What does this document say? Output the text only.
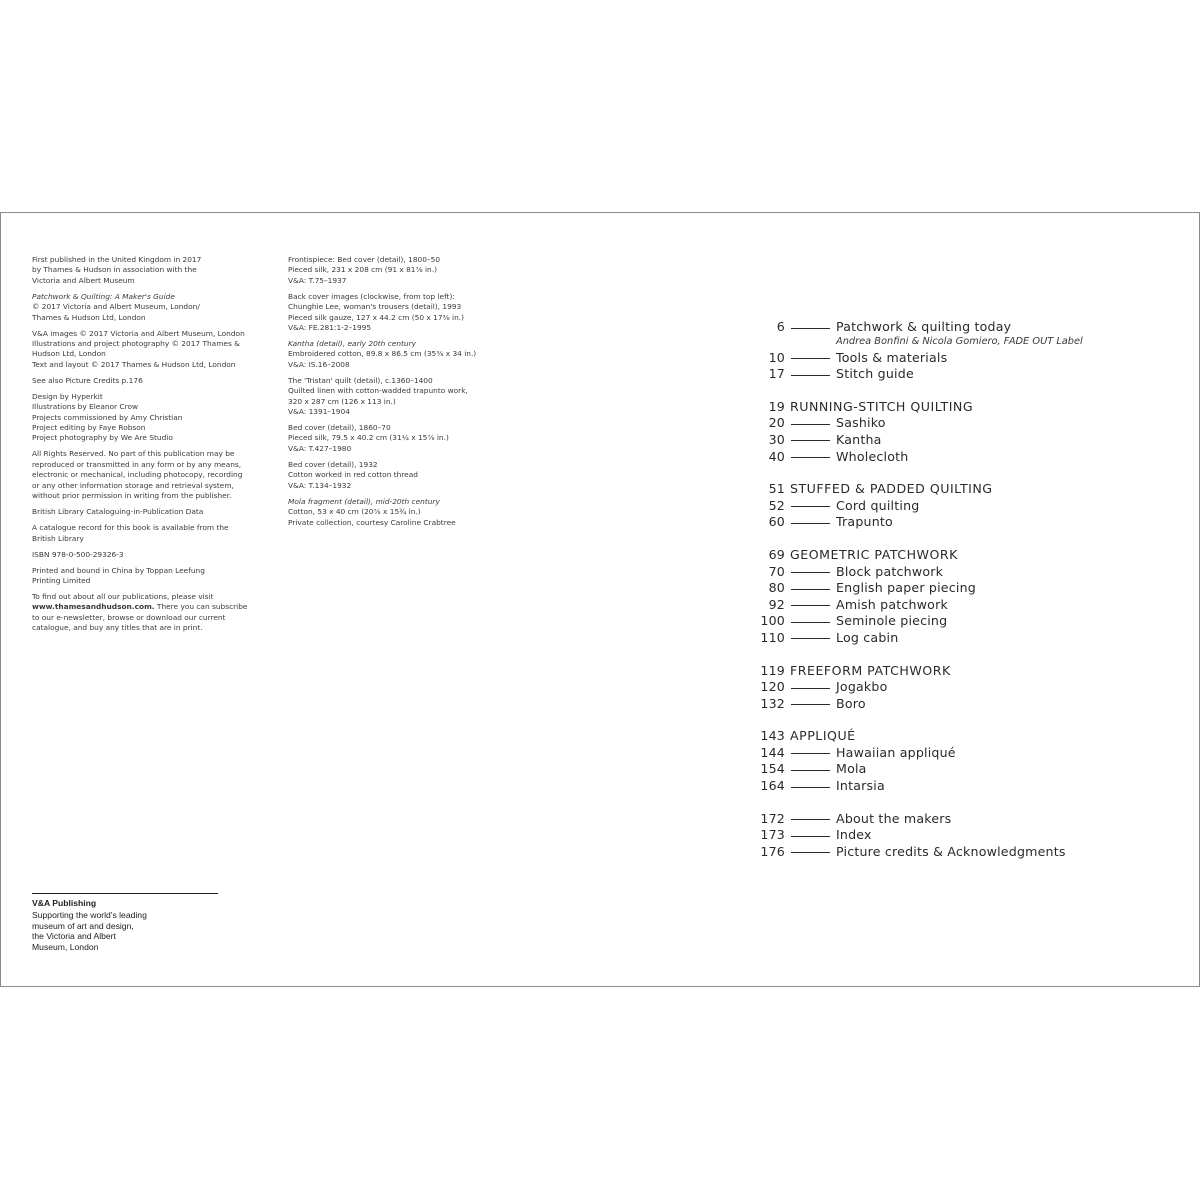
First published in the United Kingdom in 2017
by Thames & Hudson in association with the
Victoria and Albert Museum
Patchwork & Quilting: A Maker's Guide
© 2017 Victoria and Albert Museum, London/
Thames & Hudson Ltd, London
V&A images © 2017 Victoria and Albert Museum, London
Illustrations and project photography © 2017 Thames &
Hudson Ltd, London
Text and layout © 2017 Thames & Hudson Ltd, London
See also Picture Credits p.176
Design by Hyperkit
Illustrations by Eleanor Crow
Projects commissioned by Amy Christian
Project editing by Faye Robson
Project photography by We Are Studio
All Rights Reserved. No part of this publication may be
reproduced or transmitted in any form or by any means,
electronic or mechanical, including photocopy, recording
or any other information storage and retrieval system,
without prior permission in writing from the publisher.
British Library Cataloguing-in-Publication Data
A catalogue record for this book is available from the
British Library
ISBN 978-0-500-29326-3
Printed and bound in China by Toppan Leefung
Printing Limited
To find out about all our publications, please visit
www.thamesandhudson.com. There you can subscribe
to our e-newsletter, browse or download our current
catalogue, and buy any titles that are in print.
Frontispiece: Bed cover (detail), 1800–50
Pieced silk, 231 x 208 cm (91 x 81⅞ in.)
V&A: T.75–1937
Back cover images (clockwise, from top left):
Chunghie Lee, woman's trousers (detail), 1993
Pieced silk gauze, 127 x 44.2 cm (50 x 17⅜ in.)
V&A: FE.281:1-2–1995
Kantha (detail), early 20th century
Embroidered cotton, 89.8 x 86.5 cm (35⅜ x 34 in.)
V&A: IS.16–2008
The 'Tristan' quilt (detail), c.1360–1400
Quilted linen with cotton-wadded trapunto work,
320 x 287 cm (126 x 113 in.)
V&A: 1391–1904
Bed cover (detail), 1860–70
Pieced silk, 79.5 x 40.2 cm (31¼ x 15⅞ in.)
V&A: T.427–1980
Bed cover (detail), 1932
Cotton worked in red cotton thread
V&A: T.134–1932
Mola fragment (detail), mid-20th century
Cotton, 53 x 40 cm (20⅞ x 15¾ in.)
Private collection, courtesy Caroline Crabtree
V&A Publishing
Supporting the world's leading
museum of art and design,
the Victoria and Albert
Museum, London
6	Patchwork & quilting today
Andrea Bonfini & Nicola Gomiero, FADE OUT Label
10	Tools & materials
17	Stitch guide
19 RUNNING-STITCH QUILTING
20	Sashiko
30	Kantha
40	Wholecloth
51 STUFFED & PADDED QUILTING
52	Cord quilting
60	Trapunto
69 GEOMETRIC PATCHWORK
70	Block patchwork
80	English paper piecing
92	Amish patchwork
100	Seminole piecing
110	Log cabin
119 FREEFORM PATCHWORK
120	Jogakbo
132	Boro
143 APPLIQUÉ
144	Hawaiian appliqué
154	Mola
164	Intarsia
172	About the makers
173	Index
176	Picture credits & Acknowledgments
